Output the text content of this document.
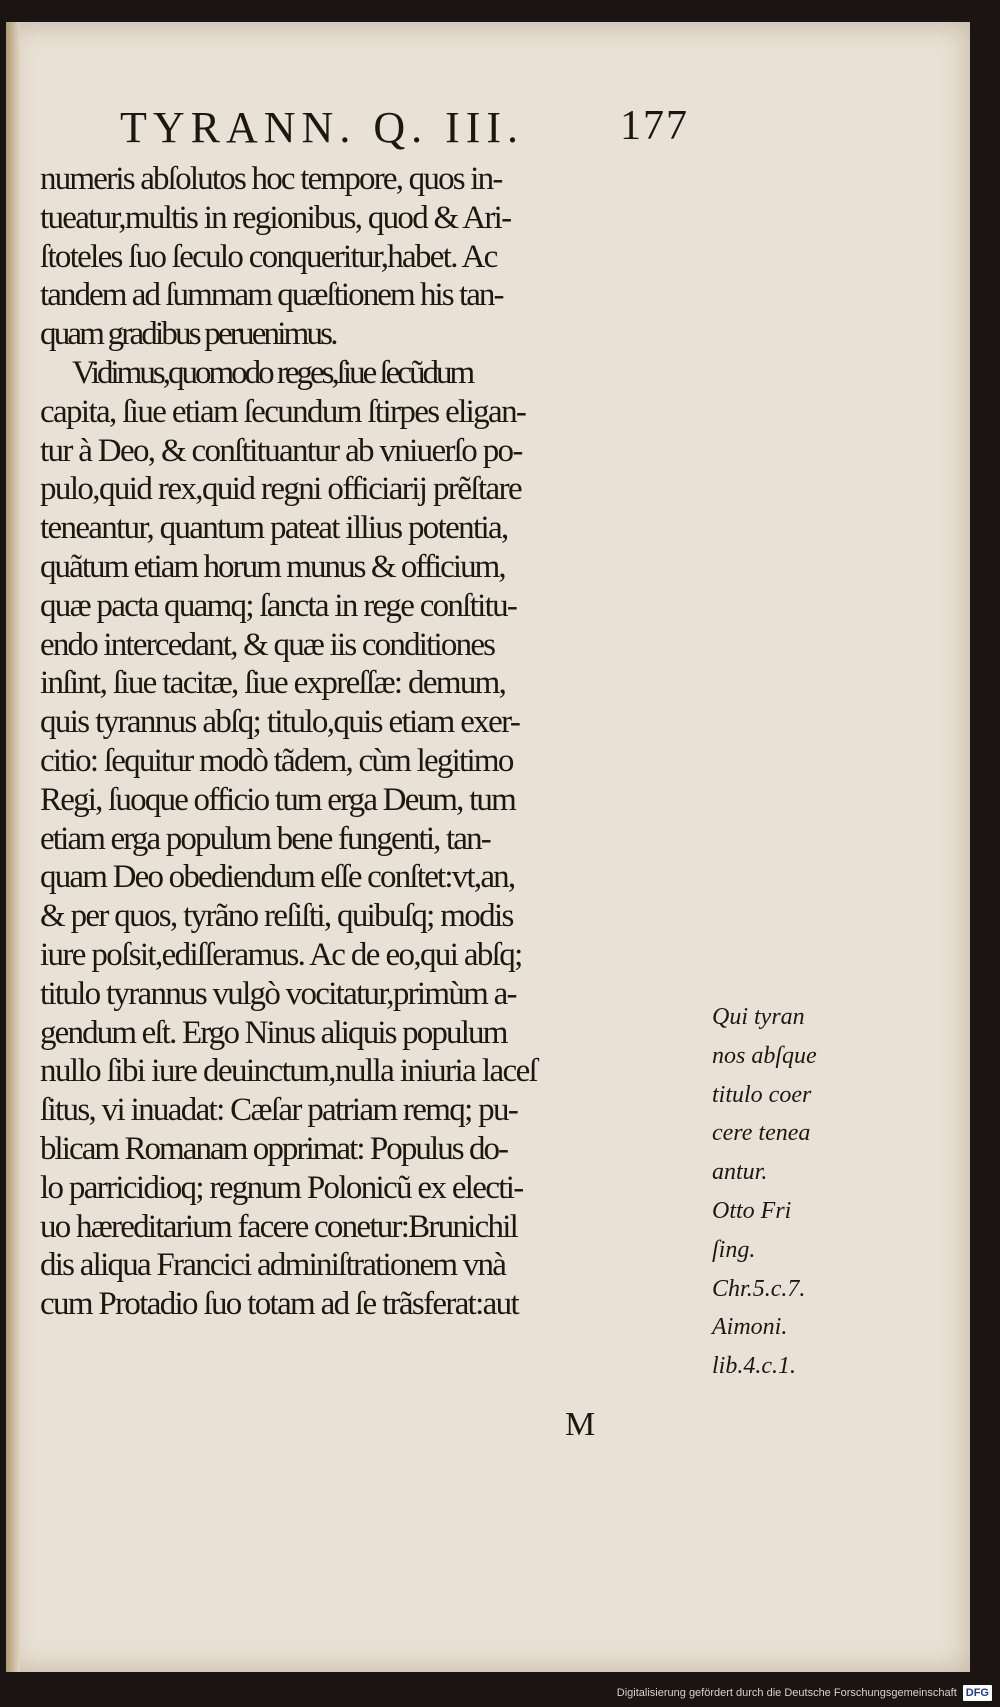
TYRANN. Q. III. 177
numeris abſolutos hoc tempore, quos in-
tueatur,multis in regionibus, quod & Ari-
ſtoteles ſuo ſeculo conqueritur,habet. Ac
tandem ad ſummam quæſtionem his tan-
quam gradibus peruenimus.
Vidimus,quomodo reges,ſiue ſecũdum
capita, ſiue etiam ſecundum ſtirpes eligan-
tur à Deo, & conſtituantur ab vniuerſo po-
pulo,quid rex,quid regni officiarij prẽſtare
teneantur, quantum pateat illius potentia,
quãtum etiam horum munus & officium,
quæ pacta quamq; ſancta in rege conſtitu-
endo intercedant, & quæ iis conditiones
inſint, ſiue tacitæ, ſiue expreſſæ: demum,
quis tyrannus abſq; titulo,quis etiam exer-
citio: ſequitur modò tãdem, cùm legitimo
Regi, ſuoque officio tum erga Deum, tum
etiam erga populum bene fungenti, tan-
quam Deo obediendum eſſe conſtet:vt,an,
& per quos, tyrãno reſiſti, quibuſq; modis
iure poſsit,ediſſeramus. Ac de eo,qui abſq;
titulo tyrannus vulgò vocitatur,primùm a-
gendum eſt. Ergo Ninus aliquis populum
nullo ſibi iure deuinctum,nulla iniuria laceſ
ſitus, vi inuadat: Cæſar patriam remq; pu-
blicam Romanam opprimat: Populus do-
lo parricidioq; regnum Polonicũ ex electi-
uo hæreditarium facere conetur:Brunichil
dis aliqua Francici adminiſtrationem vnà
cum Protadio ſuo totam ad ſe trãsferat:aut
Qui tyran
nos abſque
titulo coer
cere tenea
antur.
Otto Fri
ſing.
Chr.5.c.7.
Aimoni.
lib.4.c.1.
M
Digitalisierung gefördert durch die Deutsche Forschungsgemeinschaft DFG
